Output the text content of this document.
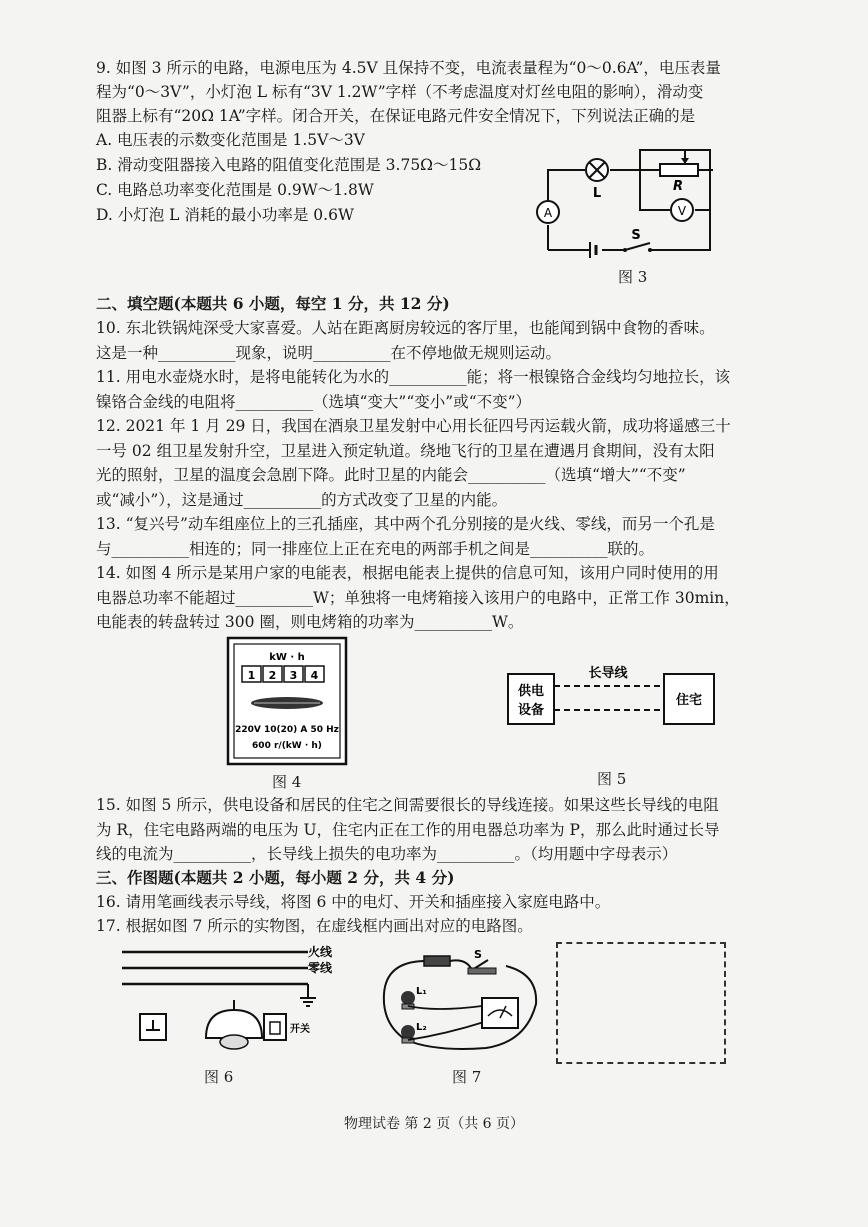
9. 如图 3 所示的电路，电源电压为 4.5V 且保持不变，电流表量程为“0～0.6A”，电压表量
程为“0～3V”，小灯泡 L 标有“3V 1.2W”字样（不考虑温度对灯丝电阻的影响），滑动变
阻器上标有“20Ω 1A”字样。闭合开关，在保证电路元件安全情况下，下列说法正确的是
A. 电压表的示数变化范围是 1.5V～3V
B. 滑动变阻器接入电路的阻值变化范围是 3.75Ω～15Ω
C. 电路总功率变化范围是 0.9W～1.8W
D. 小灯泡 L 消耗的最小功率是 0.6W	A	V
L	R
S
图 3
二、填空题(本题共 6 小题，每空 1 分，共 12 分)
10. 东北铁锅炖深受大家喜爱。人站在距离厨房较远的客厅里，也能闻到锅中食物的香味。
这是一种__________现象，说明__________在不停地做无规则运动。
11. 用电水壶烧水时，是将电能转化为水的__________能；将一根镍铬合金线均匀地拉长，该
镍铬合金线的电阻将__________（选填“变大”“变小”或“不变”）
12. 2021 年 1 月 29 日，我国在酒泉卫星发射中心用长征四号丙运载火箭，成功将遥感三十
一号 02 组卫星发射升空，卫星进入预定轨道。绕地飞行的卫星在遭遇月食期间，没有太阳
光的照射，卫星的温度会急剧下降。此时卫星的内能会__________（选填“增大”“不变”
或“减小”），这是通过__________的方式改变了卫星的内能。
13. “复兴号”动车组座位上的三孔插座，其中两个孔分别接的是火线、零线，而另一个孔是
与__________相连的；同一排座位上正在充电的两部手机之间是__________联的。
14. 如图 4 所示是某用户家的电能表，根据电能表上提供的信息可知，该用户同时使用的用
电器总功率不能超过__________W；单独将一电烤箱接入该用户的电路中，正常工作 30min，
电能表的转盘转过 300 圈，则电烤箱的功率为__________W。
kW · h
1 2 3 4
220V 10(20) A 50 Hz
600 r/(kW · h)
图 4
供电
设备
长导线
住宅
图 5
15. 如图 5 所示，供电设备和居民的住宅之间需要很长的导线连接。如果这些长导线的电阻
为 R，住宅电路两端的电压为 U，住宅内正在工作的用电器总功率为 P，那么此时通过长导
线的电流为__________，长导线上损失的电功率为__________。（均用题中字母表示）
三、作图题(本题共 2 小题，每小题 2 分，共 4 分)
16. 请用笔画线表示导线，将图 6 中的电灯、开关和插座接入家庭电路中。
17. 根据如图 7 所示的实物图，在虚线框内画出对应的电路图。
火线
零线
开关
图 6
S
L₁
L₂
图 7
物理试卷 第 2 页（共 6 页）
